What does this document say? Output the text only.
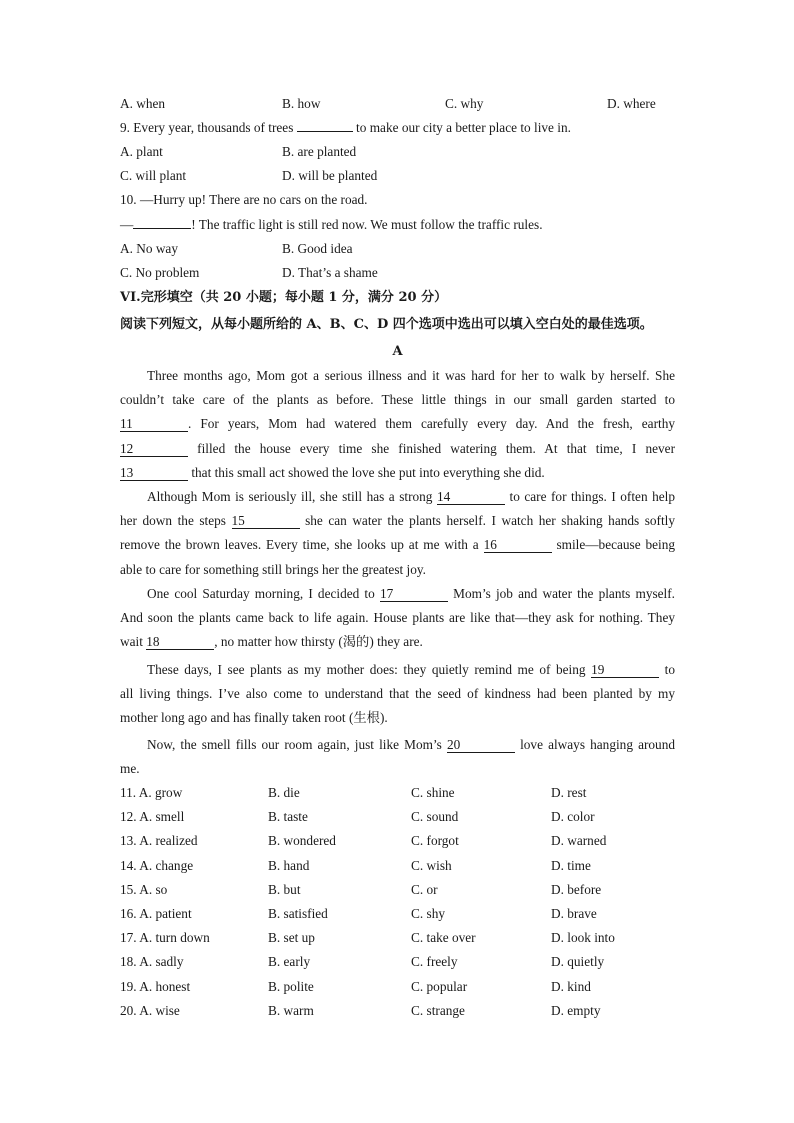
A. when	B. how	C. why	D. where
9. Every year, thousands of trees	to make our city a better place to live in.
A. plant	B. are planted
C. will plant	D. will be planted
10. —Hurry up! There are no cars on the road.
—	! The traffic light is still red now. We must follow the traffic rules.
A. No way	B. Good idea
C. No problem	D. That’s a shame
VI.完形填空（共 20 小题；每小题 1 分，满分 20 分）
阅读下列短文，从每小题所给的 A、B、C、D 四个选项中选出可以填入空白处的最佳选项。
A
Three months ago, Mom got a serious illness and it was hard for her to walk by herself. She
couldn’t take care of the plants as before. These little things in our small garden started to
11	. For years, Mom had watered them carefully every day. And the fresh, earthy
12	filled the house every time she finished watering them. At that time, I never
13	that this small act showed the love she put into everything she did.
Although Mom is seriously ill, she still has a strong 14	to care for things. I often help
her down the steps 15	she can water the plants herself. I watch her shaking hands softly
remove the brown leaves. Every time, she looks up at me with a 16	smile—because being
able to care for something still brings her the greatest joy.
One cool Saturday morning, I decided to 17	Mom’s job and water the plants myself.
And soon the plants came back to life again. House plants are like that—they ask for nothing. They
wait 18	, no matter how thirsty (渴的) they are.
These days, I see plants as my mother does: they quietly remind me of being 19	to
all living things. I’ve also come to understand that the seed of kindness had been planted by my
mother long ago and has finally taken root (生根).
Now, the smell fills our room again, just like Mom’s 20	love always hanging around
me.
11. A. grow	B. die	C. shine	D. rest
12. A. smell	B. taste	C. sound	D. color
13. A. realized	B. wondered	C. forgot	D. warned
14. A. change	B. hand	C. wish	D. time
15. A. so	B. but	C. or	D. before
16. A. patient	B. satisfied	C. shy	D. brave
17. A. turn down	B. set up	C. take over	D. look into
18. A. sadly	B. early	C. freely	D. quietly
19. A. honest	B. polite	C. popular	D. kind
20. A. wise	B. warm	C. strange	D. empty
